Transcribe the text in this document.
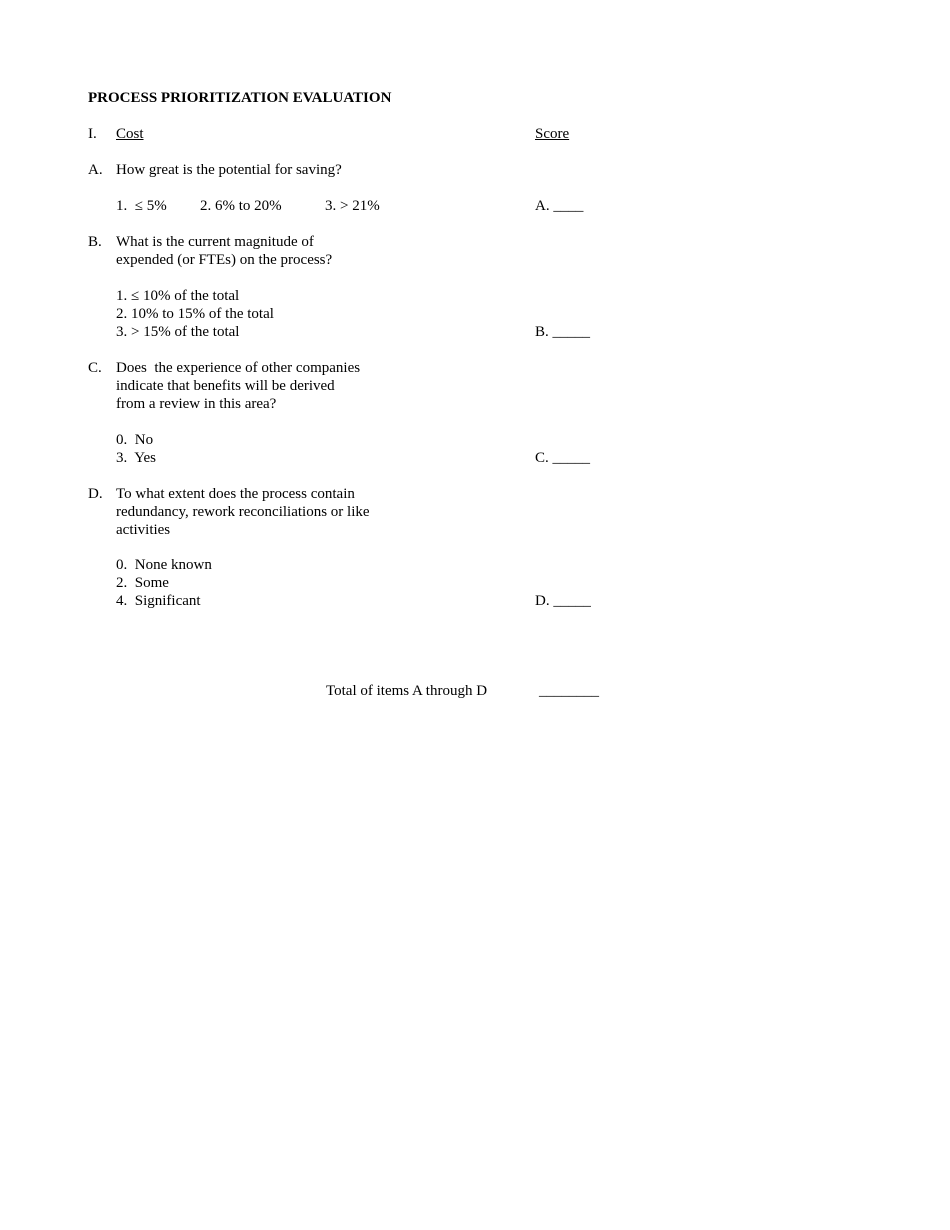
PROCESS PRIORITIZATION EVALUATION
I. Cost	Score
A. How great is the potential for saving?
1.  ≤ 5% 2. 6% to 20%	3. > 21%	A. ____
B. What is the current magnitude of
expended (or FTEs) on the process?
1. ≤ 10% of the total
2. 10% to 15% of the total
3. > 15% of the total	B. _____
C. Does  the experience of other companies
indicate that benefits will be derived
from a review in this area?
0.  No
3.  Yes	C. _____
D. To what extent does the process contain
redundancy, rework reconciliations or like
activities
0.  None known
2.  Some
4.  Significant	D. _____
Total of items A through D	________
